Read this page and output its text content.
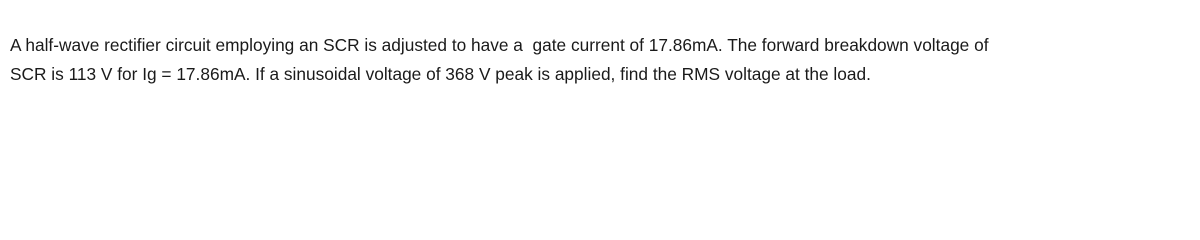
A half-wave rectifier circuit employing an SCR is adjusted to have a  gate current of 17.86mA. The forward breakdown voltage of
SCR is 113 V for Ig = 17.86mA. If a sinusoidal voltage of 368 V peak is applied, find the RMS voltage at the load.
